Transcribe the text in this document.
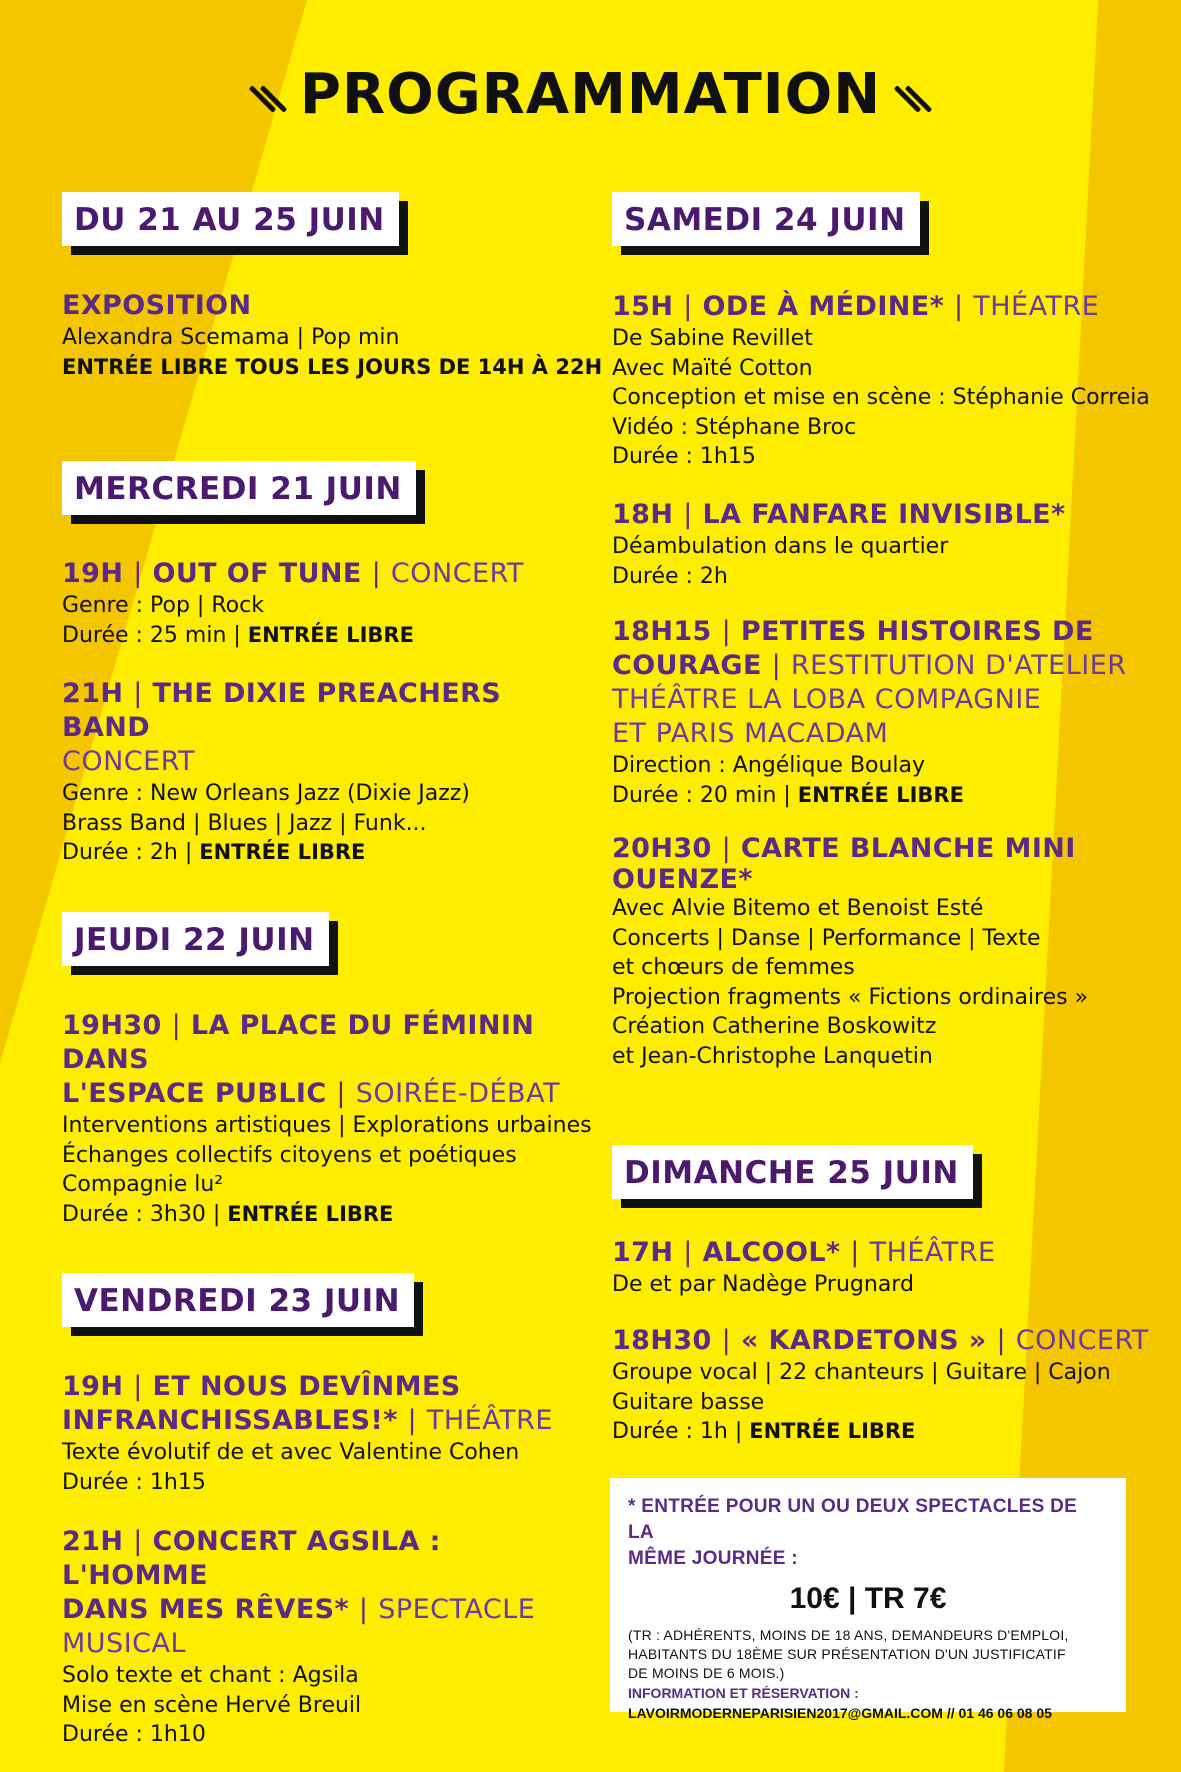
PROGRAMMATION
DU 21 AU 25 JUIN
EXPOSITION
Alexandra Scemama | Pop min
ENTRÉE LIBRE TOUS LES JOURS DE 14H À 22H
MERCREDI 21 JUIN
19H | OUT OF TUNE | CONCERT
Genre : Pop | Rock
Durée : 25 min | ENTRÉE LIBRE
21H | THE DIXIE PREACHERS BAND
CONCERT
Genre : New Orleans Jazz (Dixie Jazz)
Brass Band | Blues | Jazz | Funk...
Durée : 2h | ENTRÉE LIBRE
JEUDI 22 JUIN
19H30 | LA PLACE DU FÉMININ DANS
L'ESPACE PUBLIC | SOIRÉE-DÉBAT
Interventions artistiques | Explorations urbaines
Échanges collectifs citoyens et poétiques
Compagnie lu²
Durée : 3h30 | ENTRÉE LIBRE
VENDREDI 23 JUIN
19H | ET NOUS DEVÎNMES
INFRANCHISSABLES!* | THÉÂTRE
Texte évolutif de et avec Valentine Cohen
Durée : 1h15
21H | CONCERT AGSILA : L'HOMME
DANS MES RÊVES* | SPECTACLE
MUSICAL
Solo texte et chant : Agsila
Mise en scène Hervé Breuil
Durée : 1h10
SAMEDI 24 JUIN
15H | ODE À MÉDINE* | THÉATRE
De Sabine Revillet
Avec Maïté Cotton
Conception et mise en scène : Stéphanie Correia
Vidéo : Stéphane Broc
Durée : 1h15
18H | LA FANFARE INVISIBLE*
Déambulation dans le quartier
Durée : 2h
18H15 | PETITES HISTOIRES DE
COURAGE | RESTITUTION D'ATELIER
THÉÂTRE LA LOBA COMPAGNIE
ET PARIS MACADAM
Direction : Angélique Boulay
Durée : 20 min | ENTRÉE LIBRE
20H30 | CARTE BLANCHE MINI
OUENZE*
Avec Alvie Bitemo et Benoist Esté
Concerts | Danse | Performance | Texte
et chœurs de femmes
Projection fragments « Fictions ordinaires »
Création Catherine Boskowitz
et Jean-Christophe Lanquetin
DIMANCHE 25 JUIN
17H | ALCOOL* | THÉÂTRE
De et par Nadège Prugnard
18H30 | « KARDETONS » | CONCERT
Groupe vocal | 22 chanteurs | Guitare | Cajon
Guitare basse
Durée : 1h | ENTRÉE LIBRE
* ENTRÉE POUR UN OU DEUX SPECTACLES DE LA
MÊME JOURNÉE :
10€ | TR 7€
(TR : ADHÉRENTS, MOINS DE 18 ANS, DEMANDEURS D'EMPLOI,
HABITANTS DU 18ÈME SUR PRÉSENTATION D'UN JUSTIFICATIF
DE MOINS DE 6 MOIS.)
INFORMATION ET RÉSERVATION :
LAVOIRMODERNEPARISIEN2017@GMAIL.COM // 01 46 06 08 05
